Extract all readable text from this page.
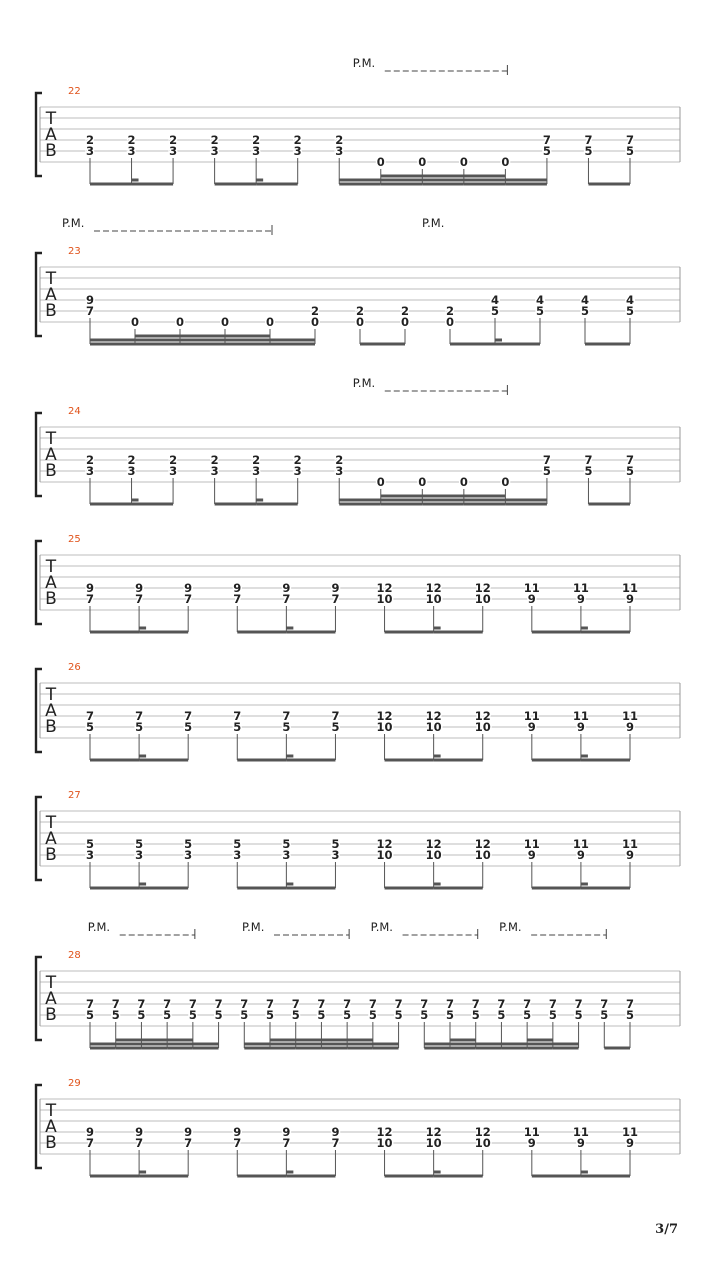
T
A
B
22
2
3
2
3
2
3
2
3
2
3
2
3
2
3
0	0	0	0
7
5
7
5
7
5
P.M.
T
A
B
23
9
7
0	0	0	0
2
0
2
0
2
0
2
0
4
5
4
5
4
5
4
5
P.M.	P.M.
T
A
B
24
2
3
2
3
2
3
2
3
2
3
2
3
2
3
0	0	0	0
7
5
7
5
7
5
P.M.
T
A
B
25
9
7
9
7
9
7
9
7
9
7
9
7
12
10
12
10
12
10
11
9
11
9
11
9
T
A
B
26
7
5
7
5
7
5
7
5
7
5
7
5
12
10
12
10
12
10
11
9
11
9
11
9
T
A
B
27
5
3
5
3
5
3
5
3
5
3
5
3
12
10
12
10
12
10
11
9
11
9
11
9
T
A
B
28
7
5
7
5
7
5
7
5
7
5
7
5
7
5
7
5
7
5
7
5
7
5
7
5
7
5
7
5
7
5
7
5
7
5
7
5
7
5
7
5
7
5
7
5
P.M.	P.M.	P.M.	P.M.
T
A
B
29
9
7
9
7
9
7
9
7
9
7
9
7
12
10
12
10
12
10
11
9
11
9
11
9
3/7
